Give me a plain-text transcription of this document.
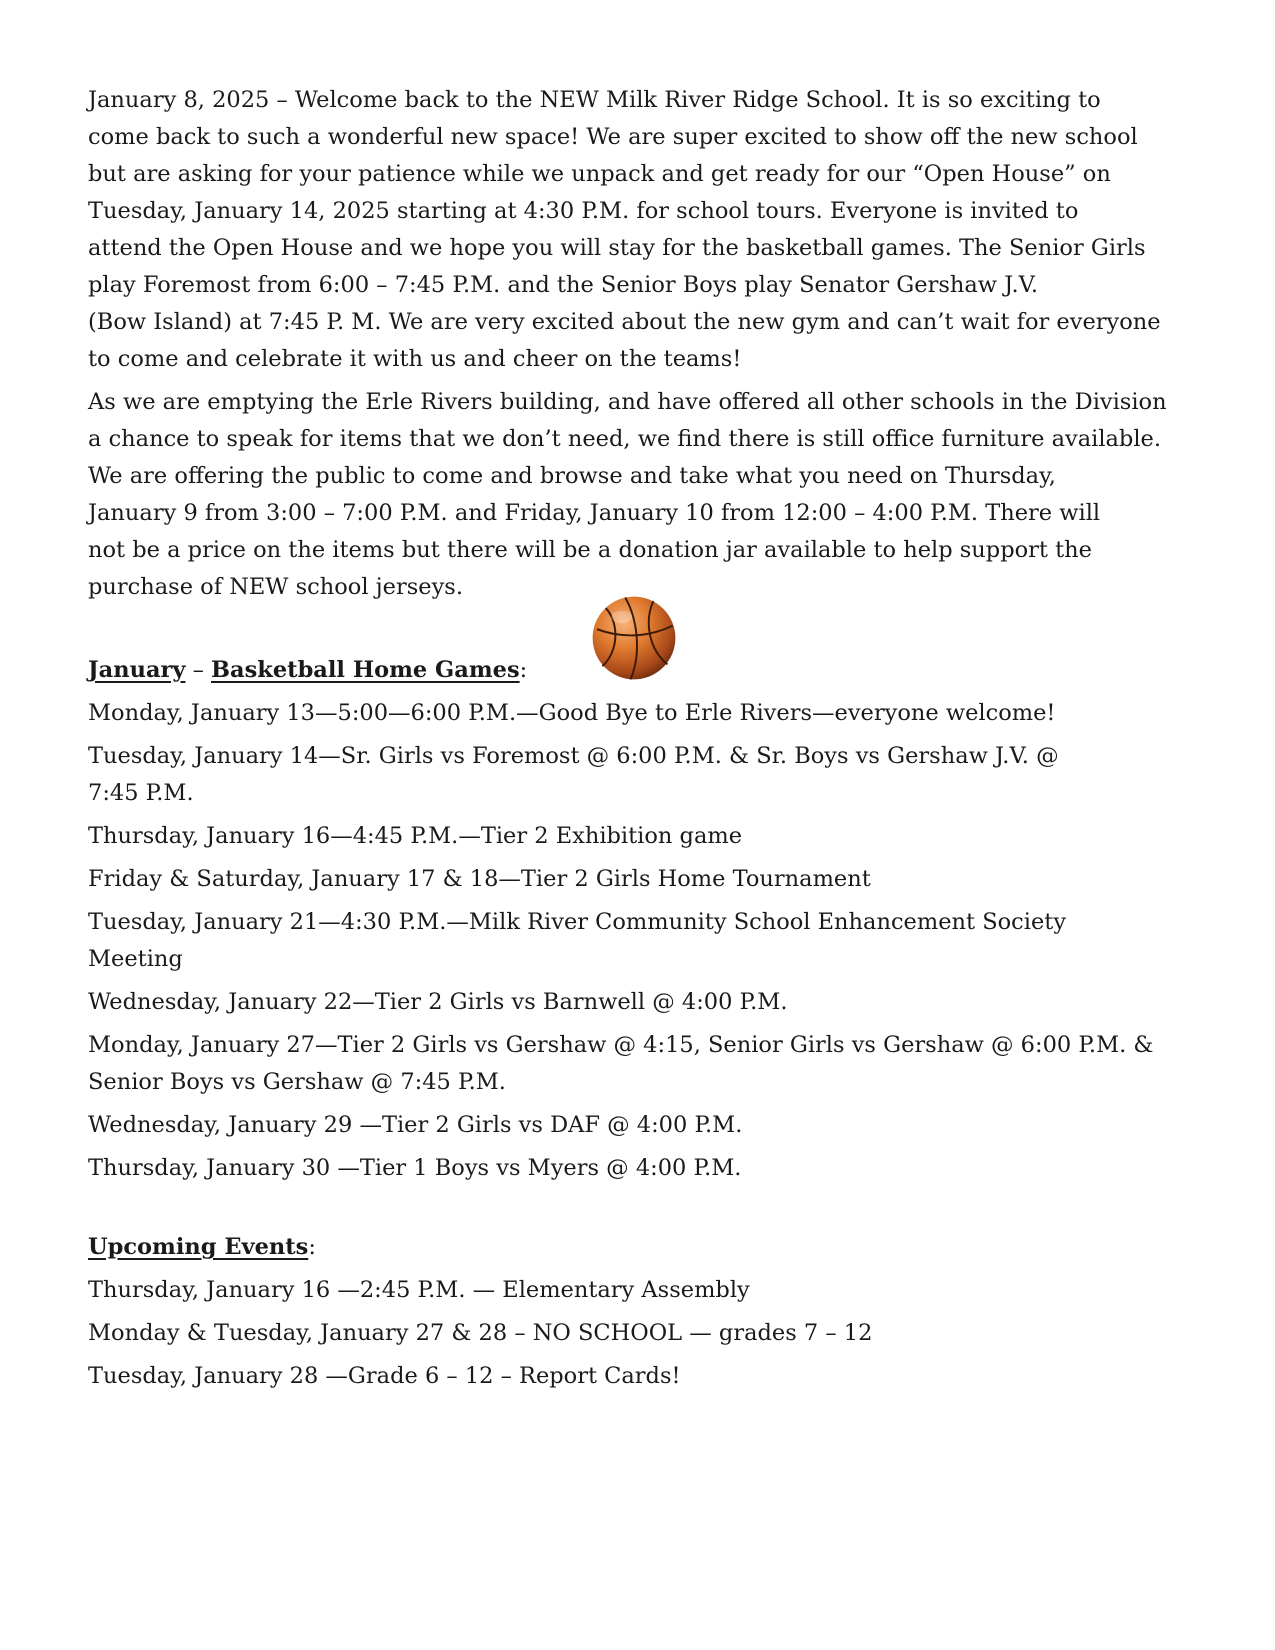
January 8, 2025 – Welcome back to the NEW Milk River Ridge School. It is so exciting to
come back to such a wonderful new space! We are super excited to show off the new school
but are asking for your patience while we unpack and get ready for our “Open House” on
Tuesday, January 14, 2025 starting at 4:30 P.M. for school tours. Everyone is invited to
attend the Open House and we hope you will stay for the basketball games. The Senior Girls
play Foremost from 6:00 – 7:45 P.M. and the Senior Boys play Senator Gershaw J.V.
(Bow Island) at 7:45 P. M. We are very excited about the new gym and can’t wait for everyone
to come and celebrate it with us and cheer on the teams!
As we are emptying the Erle Rivers building, and have offered all other schools in the Division
a chance to speak for items that we don’t need, we find there is still office furniture available.
We are offering the public to come and browse and take what you need on Thursday,
January 9 from 3:00 – 7:00 P.M. and Friday, January 10 from 12:00 – 4:00 P.M. There will
not be a price on the items but there will be a donation jar available to help support the
purchase of NEW school jerseys.
January – Basketball Home Games:
Monday, January 13—5:00—6:00 P.M.—Good Bye to Erle Rivers—everyone welcome!
Tuesday, January 14—Sr. Girls vs Foremost @ 6:00 P.M. & Sr. Boys vs Gershaw J.V. @
7:45 P.M.
Thursday, January 16—4:45 P.M.—Tier 2 Exhibition game
Friday & Saturday, January 17 & 18—Tier 2 Girls Home Tournament
Tuesday, January 21—4:30 P.M.—Milk River Community School Enhancement Society
Meeting
Wednesday, January 22—Tier 2 Girls vs Barnwell @ 4:00 P.M.
Monday, January 27—Tier 2 Girls vs Gershaw @ 4:15, Senior Girls vs Gershaw @ 6:00 P.M. &
Senior Boys vs Gershaw @ 7:45 P.M.
Wednesday, January 29 —Tier 2 Girls vs DAF @ 4:00 P.M.
Thursday, January 30 —Tier 1 Boys vs Myers @ 4:00 P.M.
Upcoming Events:
Thursday, January 16 —2:45 P.M. — Elementary Assembly
Monday & Tuesday, January 27 & 28 – NO SCHOOL — grades 7 – 12
Tuesday, January 28 —Grade 6 – 12 – Report Cards!
